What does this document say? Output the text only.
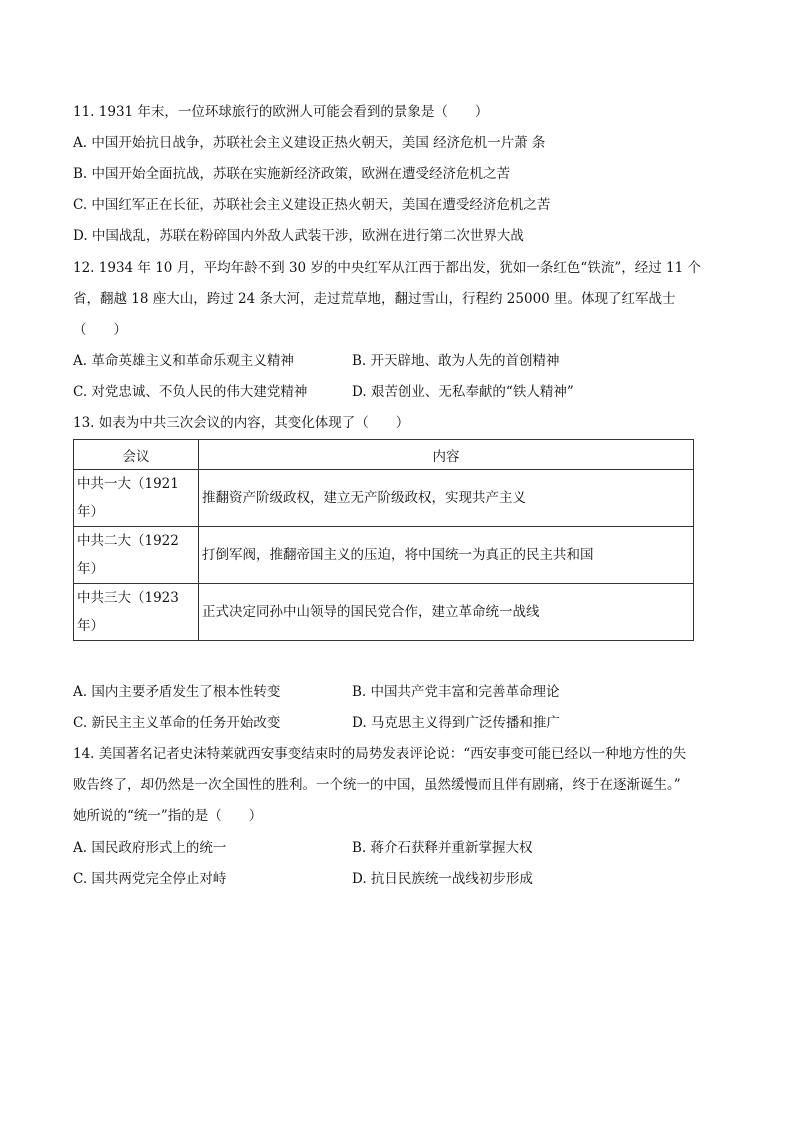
11. 1931 年末，一位环球旅行的欧洲人可能会看到的景象是（　　）
A. 中国开始抗日战争，苏联社会主义建设正热火朝天，美国 经济危机一片萧 条
B. 中国开始全面抗战，苏联在实施新经济政策，欧洲在遭受经济危机之苦
C. 中国红军正在长征，苏联社会主义建设正热火朝天，美国在遭受经济危机之苦
D. 中国战乱，苏联在粉碎国内外敌人武装干涉，欧洲在进行第二次世界大战
12. 1934 年 10 月，平均年龄不到 30 岁的中央红军从江西于都出发，犹如一条红色“铁流”，经过 11 个
省，翻越 18 座大山，跨过 24 条大河，走过荒草地，翻过雪山，行程约 25000 里。体现了红军战士
（　　）
A. 革命英雄主义和革命乐观主义精神	B. 开天辟地、敢为人先的首创精神
C. 对党忠诚、不负人民的伟大建党精神	D. 艰苦创业、无私奉献的“铁人精神”
13. 如表为中共三次会议的内容，其变化体现了（　　）
会议	内容
中共一大（1921 年）	推翻资产阶级政权，建立无产阶级政权，实现共产主义
中共二大（1922 年）	打倒军阀，推翻帝国主义的压迫，将中国统一为真正的民主共和国
中共三大（1923 年）	正式决定同孙中山领导的国民党合作，建立革命统一战线
A. 国内主要矛盾发生了根本性转变	B. 中国共产党丰富和完善革命理论
C. 新民主主义革命的任务开始改变	D. 马克思主义得到广泛传播和推广
14. 美国著名记者史沫特莱就西安事变结束时的局势发表评论说：“西安事变可能已经以一种地方性的失
败告终了，却仍然是一次全国性的胜利。一个统一的中国，虽然缓慢而且伴有剧痛，终于在逐渐诞生。”
她所说的“统一”指的是（　　）
A. 国民政府形式上的统一	B. 蒋介石获释并重新掌握大权
C. 国共两党完全停止对峙	D. 抗日民族统一战线初步形成
